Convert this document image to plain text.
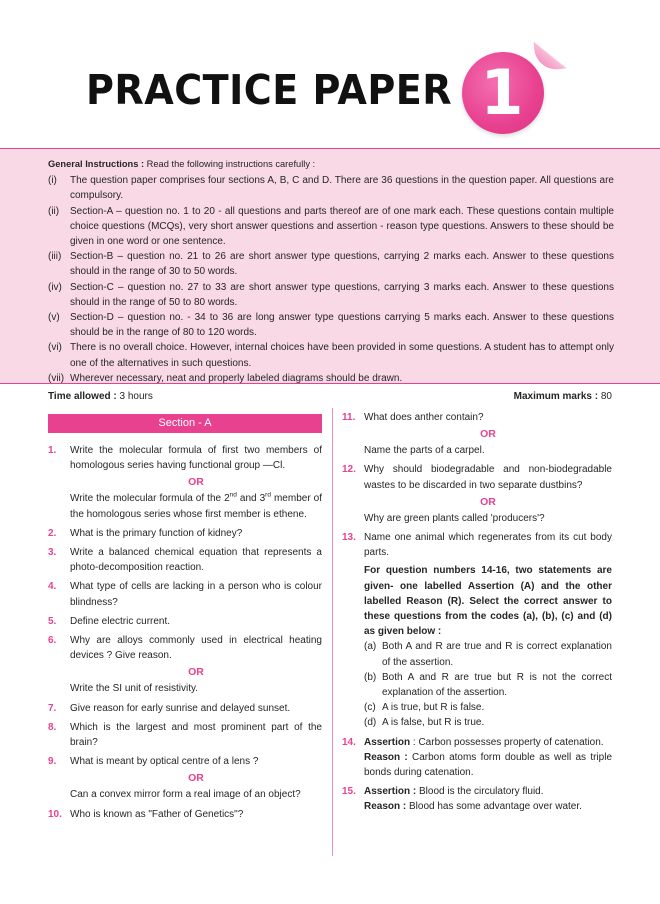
PRACTICE PAPER 1
General Instructions : Read the following instructions carefully :
(i)	The question paper comprises four sections A, B, C and D. There are 36 questions in the question paper. All questions are compulsory.
(ii)	Section-A – question no. 1 to 20 - all questions and parts thereof are of one mark each. These questions contain multiple choice questions (MCQs), very short answer questions and assertion - reason type questions. Answers to these should be given in one word or one sentence.
(iii) Section-B – question no. 21 to 26 are short answer type questions, carrying 2 marks each. Answer to these questions should in the range of 30 to 50 words.
(iv) Section-C – question no. 27 to 33 are short answer type questions, carrying 3 marks each. Answer to these questions should in the range of 50 to 80 words.
(v)	Section-D – question no. - 34 to 36 are long answer type questions carrying 5 marks each. Answer to these questions should be in the range of 80 to 120 words.
(vi) There is no overall choice. However, internal choices have been provided in some questions. A student has to attempt only one of the alternatives in such questions.
(vii) Wherever necessary, neat and properly labeled diagrams should be drawn.
Time allowed : 3 hours	Maximum marks : 80
Section - A
1.	Write the molecular formula of first two members of homologous series having functional group —Cl.
OR
Write the molecular formula of the 2nd and 3rd member of the homologous series whose first member is ethene.
2.	What is the primary function of kidney?
3.	Write a balanced chemical equation that represents a photo-decomposition reaction.
4.	What type of cells are lacking in a person who is colour blindness?
5.	Define electric current.
6.	Why are alloys commonly used in electrical heating devices ? Give reason.
OR
Write the SI unit of resistivity.
7.	Give reason for early sunrise and delayed sunset.
8.	Which is the largest and most prominent part of the brain?
9.	What is meant by optical centre of a lens ?
OR
Can a convex mirror form a real image of an object?
10. Who is known as "Father of Genetics"?
11. What does anther contain?
OR
Name the parts of a carpel.
12. Why should biodegradable and non-biodegradable wastes to be discarded in two separate dustbins?
OR
Why are green plants called 'producers'?
13. Name one animal which regenerates from its cut body parts.
For question numbers 14-16, two statements are given- one labelled Assertion (A) and the other labelled Reason (R). Select the correct answer to these questions from the codes (a), (b), (c) and (d) as given below :
(a) Both A and R are true and R is correct explanation of the assertion.
(b) Both A and R are true but R is not the correct explanation of the assertion.
(c) A is true, but R is false.
(d) A is false, but R is true.
14. Assertion : Carbon possesses property of catenation.
Reason : Carbon atoms form double as well as triple bonds during catenation.
15. Assertion : Blood is the circulatory fluid.
Reason : Blood has some advantage over water.
